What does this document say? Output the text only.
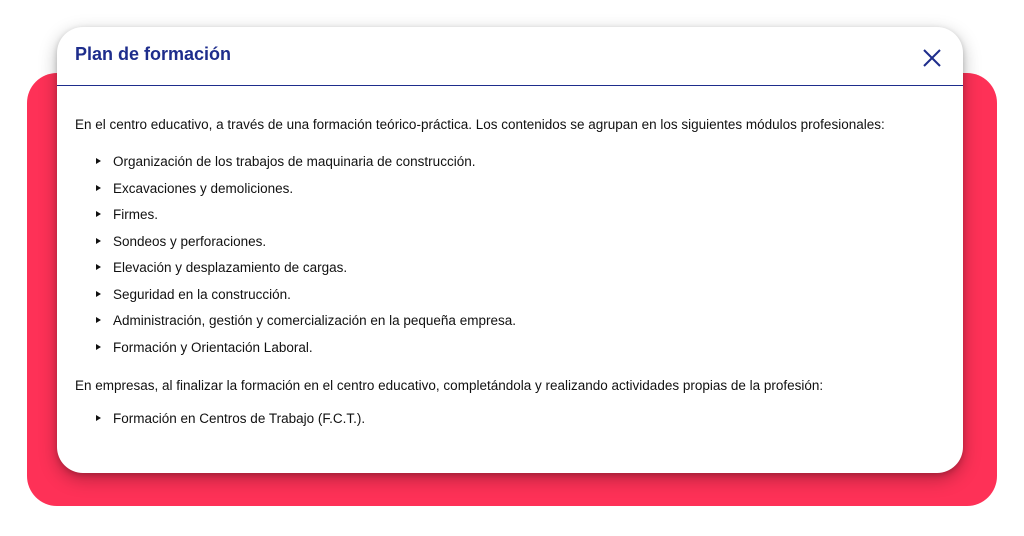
Plan de formación

En el centro educativo, a través de una formación teórico-práctica. Los contenidos se agrupan en los siguientes módulos profesionales:

Organización de los trabajos de maquinaria de construcción.
Excavaciones y demoliciones.
Firmes.
Sondeos y perforaciones.
Elevación y desplazamiento de cargas.
Seguridad en la construcción.
Administración, gestión y comercialización en la pequeña empresa.
Formación y Orientación Laboral.

En empresas, al finalizar la formación en el centro educativo, completándola y realizando actividades propias de la profesión:

Formación en Centros de Trabajo (F.C.T.).
